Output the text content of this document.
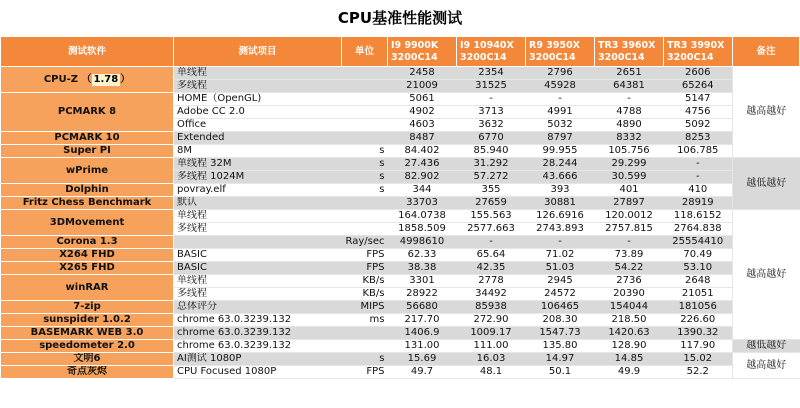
CPU基准性能测试
测试软件	测试项目	单位	I9 9900K 3200C14	I9 10940X 3200C14	R9 3950X 3200C14	TR3 3960X 3200C14	TR3 3990X 3200C14	备注
CPU-Z （ 1.78 ）	单线程		2458	2354	2796	2651	2606	越高越好
	多线程		21009	31525	45928	64381	65264	
PCMARK 8	HOME（OpenGL)		5061	-	-	-	5147	
	Adobe CC 2.0		4902	3713	4991	4788	4756	
	Office		4603	3632	5032	4890	5092	
PCMARK 10	Extended		8487	6770	8797	8332	8253	
Super PI	8M	s	84.402	85.940	99.955	105.756	106.785	
wPrime	单线程 32M	s	27.436	31.292	28.244	29.299	-	越低越好
	多线程 1024M	s	82.902	57.272	43.666	30.599	-	
Dolphin	povray.elf	s	344	355	393	401	410	
Fritz Chess Benchmark	默认		33703	27659	30881	27897	28919	
3DMovement	单线程		164.0738	155.563	126.6916	120.0012	118.6152	越高越好
	多线程		1858.509	2577.663	2743.893	2757.815	2764.838	
Corona 1.3		Ray/sec	4998610	-	-	-	25554410	
X264 FHD	BASIC	FPS	62.33	65.64	71.02	73.89	70.49	
X265 FHD	BASIC	FPS	38.38	42.35	51.03	54.22	53.10	
winRAR	单线程	KB/s	3301	2778	2945	2736	2648	
	多线程	KB/s	28922	34492	24572	20390	21051	
7-zip	总体评分	MIPS	56680	85938	106465	154044	181056	
sunspider 1.0.2	chrome 63.0.3239.132	ms	217.70	272.90	208.30	218.50	226.60	
BASEMARK WEB 3.0	chrome 63.0.3239.132		1406.9	1009.17	1547.73	1420.63	1390.32	
speedometer 2.0	chrome 63.0.3239.132		131.00	111.00	135.80	128.90	117.90	越低越好
文明6	AI测试 1080P	s	15.69	16.03	14.97	14.85	15.02	越高越好
奇点灰烬	CPU Focused 1080P	FPS	49.7	48.1	50.1	49.9	52.2	
